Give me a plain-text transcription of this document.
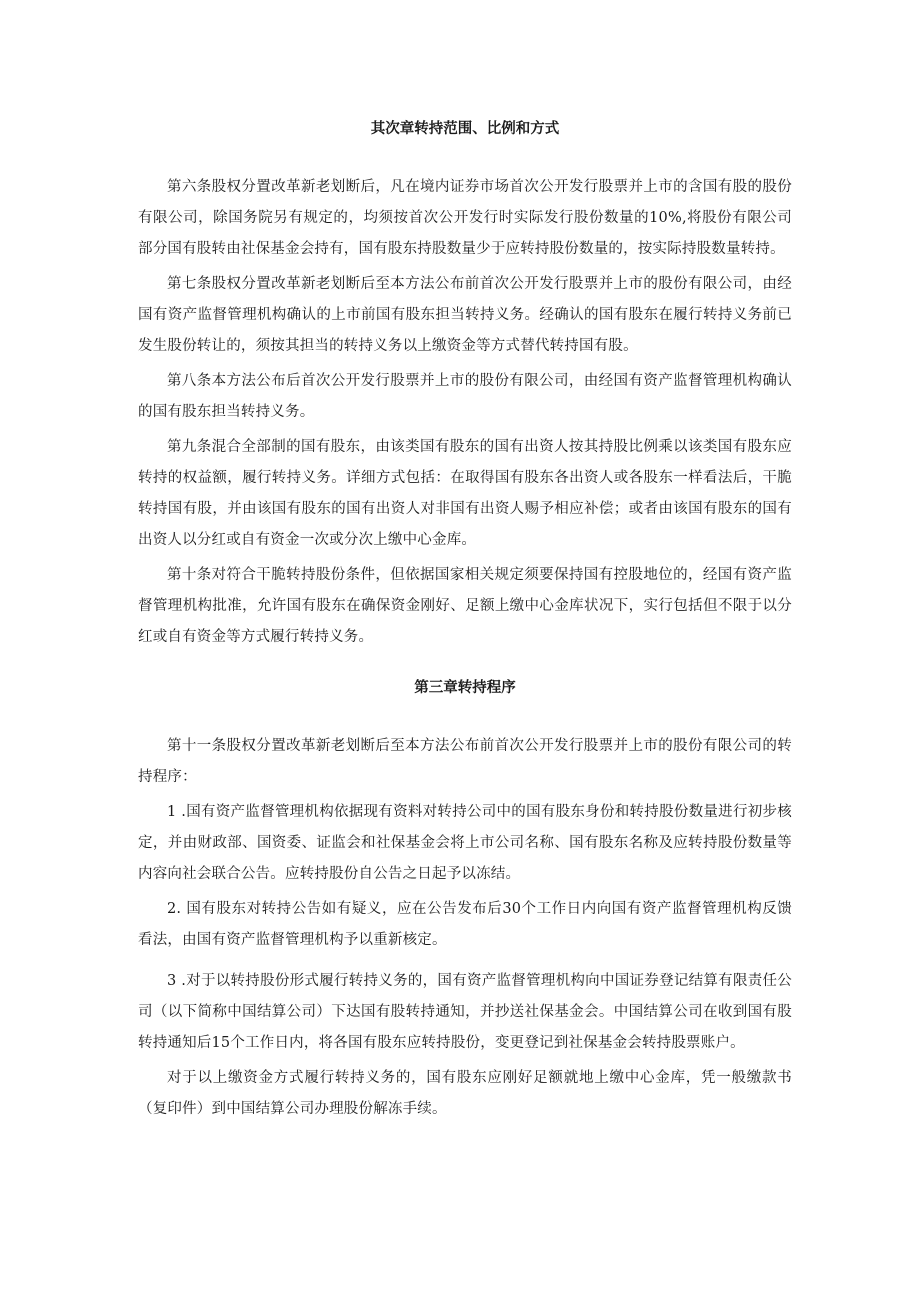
其次章转持范围、比例和方式

第六条股权分置改革新老划断后，凡在境内证券市场首次公开发行股票并上市的含国有股的股份有限公司，除国务院另有规定的，均须按首次公开发行时实际发行股份数量的10%,将股份有限公司部分国有股转由社保基金会持有，国有股东持股数量少于应转持股份数量的，按实际持股数量转持。

第七条股权分置改革新老划断后至本方法公布前首次公开发行股票并上市的股份有限公司，由经国有资产监督管理机构确认的上市前国有股东担当转持义务。经确认的国有股东在履行转持义务前已发生股份转让的，须按其担当的转持义务以上缴资金等方式替代转持国有股。

第八条本方法公布后首次公开发行股票并上市的股份有限公司，由经国有资产监督管理机构确认的国有股东担当转持义务。

第九条混合全部制的国有股东，由该类国有股东的国有出资人按其持股比例乘以该类国有股东应转持的权益额，履行转持义务。详细方式包括：在取得国有股东各出资人或各股东一样看法后，干脆转持国有股，并由该国有股东的国有出资人对非国有出资人赐予相应补偿；或者由该国有股东的国有出资人以分红或自有资金一次或分次上缴中心金库。

第十条对符合干脆转持股份条件，但依据国家相关规定须要保持国有控股地位的，经国有资产监督管理机构批准，允许国有股东在确保资金刚好、足额上缴中心金库状况下，实行包括但不限于以分红或自有资金等方式履行转持义务。

第三章转持程序

第十一条股权分置改革新老划断后至本方法公布前首次公开发行股票并上市的股份有限公司的转持程序：

1 .国有资产监督管理机构依据现有资料对转持公司中的国有股东身份和转持股份数量进行初步核定，并由财政部、国资委、证监会和社保基金会将上市公司名称、国有股东名称及应转持股份数量等内容向社会联合公告。应转持股份自公告之日起予以冻结。

2. 国有股东对转持公告如有疑义，应在公告发布后30个工作日内向国有资产监督管理机构反馈看法，由国有资产监督管理机构予以重新核定。

3 .对于以转持股份形式履行转持义务的，国有资产监督管理机构向中国证券登记结算有限责任公司（以下简称中国结算公司）下达国有股转持通知，并抄送社保基金会。中国结算公司在收到国有股转持通知后15个工作日内，将各国有股东应转持股份，变更登记到社保基金会转持股票账户。

对于以上缴资金方式履行转持义务的，国有股东应刚好足额就地上缴中心金库，凭一般缴款书（复印件）到中国结算公司办理股份解冻手续。
